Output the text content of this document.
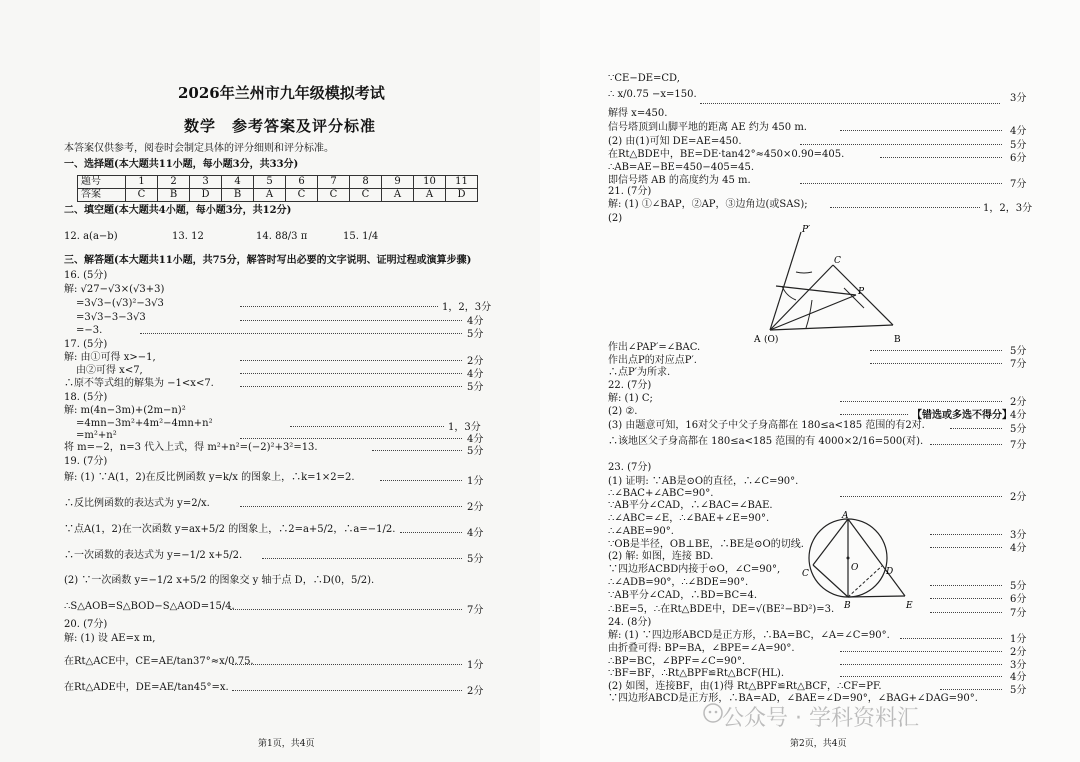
2026年兰州市九年级模拟考试
数学　参考答案及评分标准
本答案仅供参考，阅卷时会制定具体的评分细则和评分标准。
一、选择题(本大题共11小题，每小题3分，共33分)
题号	1	2	3	4	5	6	7	8	9	10	11
答案	C	B	D	B	A	C	C	C	A	A	D
二、填空题(本大题共4小题，每小题3分，共12分)
12. a(a−b)	13. 12	14. 88/3 π	15. 1/4
三、解答题(本大题共11小题，共75分，解答时写出必要的文字说明、证明过程或演算步骤)
16. (5分)
解: √27−√3×(√3+3)
=3√3−(√3)²−3√3
=3√3−3−3√3
=−3.
17. (5分)
解: 由①可得 x>−1,
由②可得 x<7,
∴原不等式组的解集为 −1<x<7.
18. (5分)
解: m(4n−3m)+(2m−n)²
=4mn−3m²+4m²−4mn+n²
=m²+n²
将 m=−2，n=3 代入上式，得 m²+n²=(−2)²+3²=13.
19. (7分)
解: (1) ∵A(1，2)在反比例函数 y=k/x 的图象上，∴k=1×2=2.
∴反比例函数的表达式为 y=2/x.
∵点A(1，2)在一次函数 y=ax+5/2 的图象上，∴2=a+5/2，∴a=−1/2.
∴一次函数的表达式为 y=−1/2 x+5/2.
(2) ∵一次函数 y=−1/2 x+5/2 的图象交 y 轴于点 D，∴D(0，5/2).
∴S△AOB=S△BOD−S△AOD=15/4.
20. (7分)
解: (1) 设 AE=x m,
在Rt△ACE中，CE=AE/tan37°≈x/0.75.
在Rt△ADE中，DE=AE/tan45°=x.
1，2，3分
4分
5分
2分
4分
5分
1，3分
4分
5分
1分
2分
4分
5分
7分
1分
2分
第1页，共4页
∵CE−DE=CD,
∴ x/0.75 −x=150.
解得 x=450.
信号塔顶到山脚平地的距离 AE 约为 450 m.
(2) 由(1)可知 DE=AE=450.
在Rt△BDE中，BE=DE·tan42°≈450×0.90=405.
∴AB=AE−BE=450−405=45.
即信号塔 AB 的高度约为 45 m.
21. (7分)
解: (1) ①∠BAP，②AP，③边角边(或SAS);
(2)
A (O)	B
C
P
P′
作出∠PAP′=∠BAC.
作出点P的对应点P′.
∴点P′为所求.
22. (7分)
解: (1) C;
(2) ②.
(3) 由题意可知，16对父子中父子身高都在 180≤a<185 范围的有2对.
∴该地区父子身高都在 180≤a<185 范围的有 4000×2/16=500(对).
23. (7分)
(1) 证明: ∵AB是⊙O的直径，∴∠C=90°.
∴∠BAC+∠ABC=90°.
∵AB平分∠CAD，∴∠BAC=∠BAE.
∴∠ABC=∠E，∴∠BAE+∠E=90°.
∴∠ABE=90°.
∵OB是半径，OB⊥BE，∴BE是⊙O的切线.
(2) 解: 如图，连接 BD.
∵四边形ACBD内接于⊙O，∠C=90°,
∴∠ADB=90°，∴∠BDE=90°.
∵AB平分∠CAD，∴BD=BC=4.
∴BE=5，∴在Rt△BDE中，DE=√(BE²−BD²)=3.
A
O
B
C	D
E
24. (8分)
解: (1) ∵四边形ABCD是正方形，∴BA=BC，∠A=∠C=90°.
由折叠可得: BP=BA，∠BPE=∠A=90°.
∴BP=BC，∠BPF=∠C=90°.
∵BF=BF，∴Rt△BPF≌Rt△BCF(HL).
(2) 如图，连接BF，由(1)得 Rt△BPF≌Rt△BCF，∴CF=PF.
∵四边形ABCD是正方形，∴BA=AD，∠BAE=∠D=90°，∠BAG+∠DAG=90°.
3分
4分
5分
6分
7分
1，2，3分
5分
7分
2分
【错选或多选不得分】
4分
5分
7分
2分
3分
4分
5分
6分
7分
1分
2分
3分
4分
5分
第2页，共4页
公众号 · 学科资料汇
